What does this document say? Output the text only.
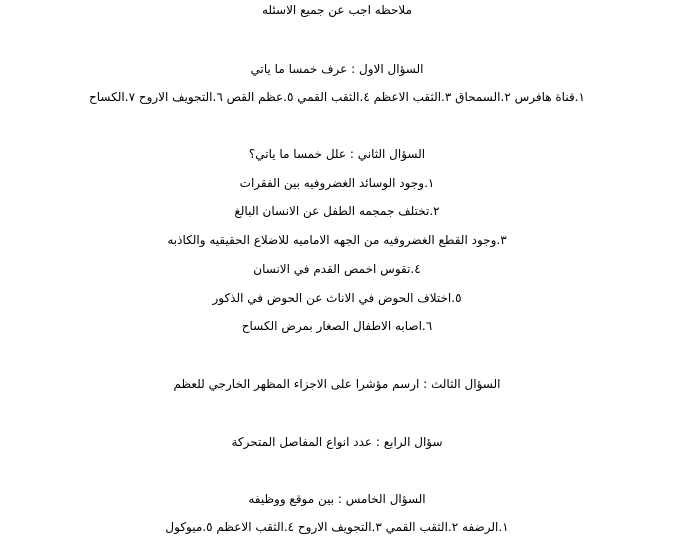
ملاحظه اجب عن جميع الاسئله
السؤال الاول : عرف خمسا ما ياتي
١.قناة هافرس ٢.السمحاق ٣.الثقب الاعظم ٤.الثقب القمي ٥.عظم القص ٦.التجويف الاروح ٧.الكساح
السؤال الثاني : علل خمسا ما ياتي؟
١.وجود الوسائد الغضروفيه بين الفقرات
٢.تختلف جمجمه الطفل عن الانسان البالغ
٣.وجود القطع الغضروفيه من الجهه الاماميه للاضلاع الحقيقيه والكاذبه
٤.تقوس اخمص القدم في الانسان
٥.اختلاف الحوض في الاناث عن الحوض في الذكور
٦.اصابه الاطفال الصغار بمرض الكساح
السؤال الثالث : ارسم مؤشرا على الاجزاء المظهر الخارجي للعظم
سؤال الرابع : عدد انواع المفاصل المتحركة
السؤال الخامس : بين موقع ووظيفه
١.الرضفه ٢.الثقب القمي ٣.التجويف الاروح ٤.الثقب الاعظم ٥.ميوكول
